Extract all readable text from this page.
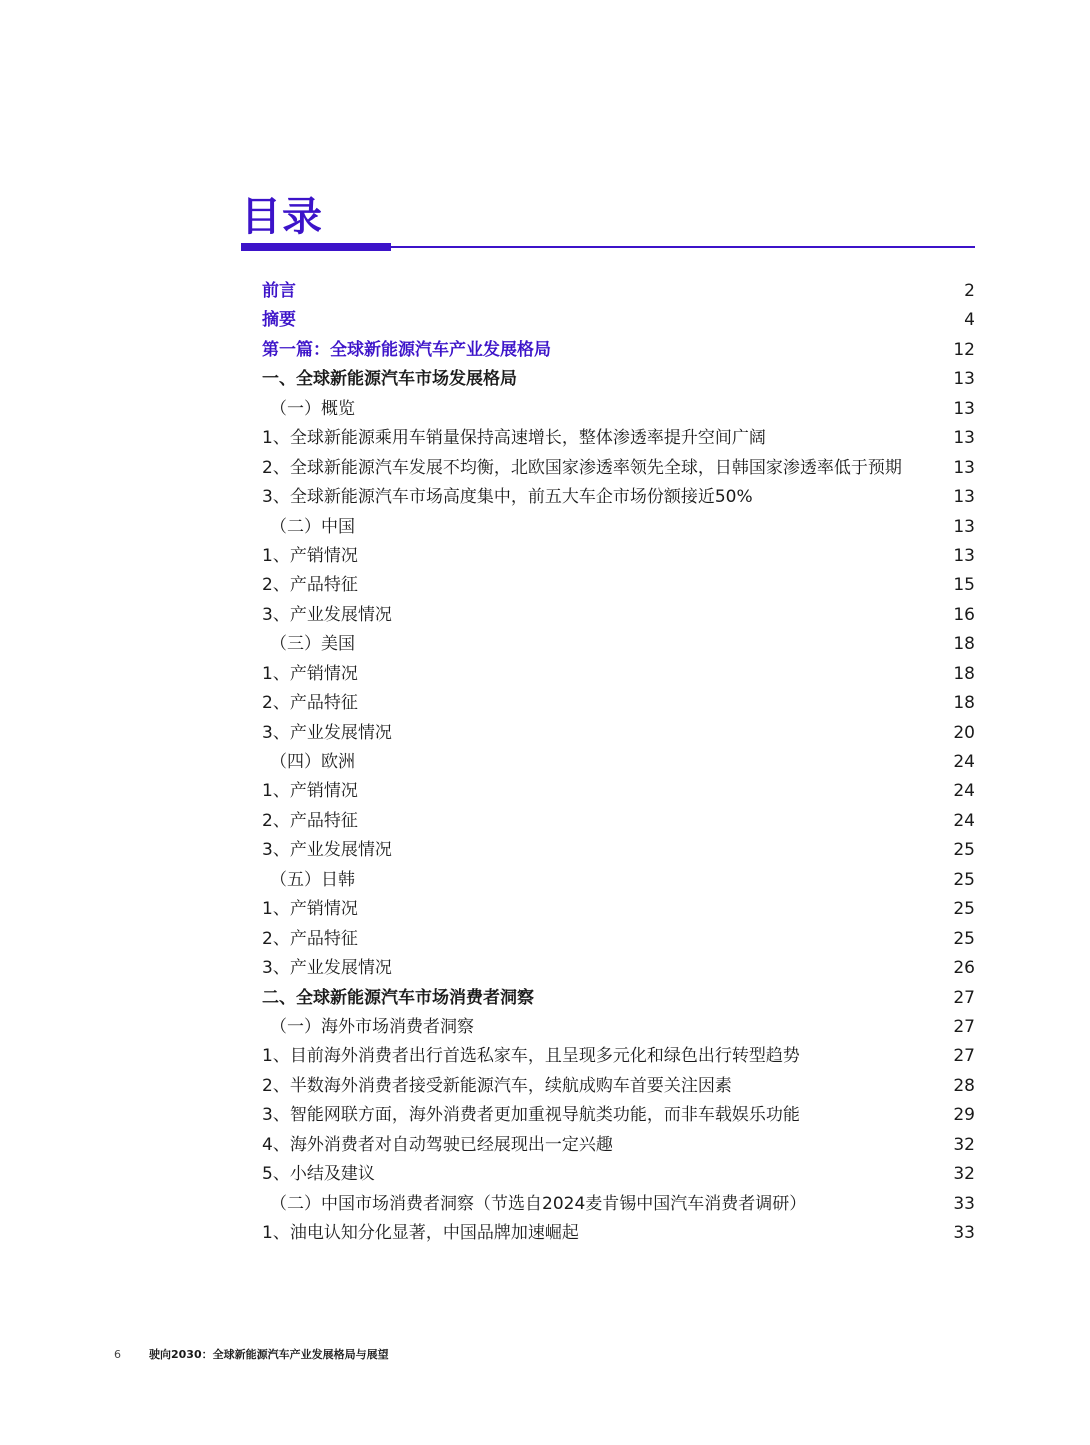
目录
前言	2
摘要	4
第一篇：全球新能源汽车产业发展格局	12
一、全球新能源汽车市场发展格局	13
（一）概览	13
1、全球新能源乘用车销量保持高速增长，整体渗透率提升空间广阔	13
2、全球新能源汽车发展不均衡，北欧国家渗透率领先全球，日韩国家渗透率低于预期	13
3、全球新能源汽车市场高度集中，前五大车企市场份额接近50%	13
（二）中国	13
1、产销情况	13
2、产品特征	15
3、产业发展情况	16
（三）美国	18
1、产销情况	18
2、产品特征	18
3、产业发展情况	20
（四）欧洲	24
1、产销情况	24
2、产品特征	24
3、产业发展情况	25
（五）日韩	25
1、产销情况	25
2、产品特征	25
3、产业发展情况	26
二、全球新能源汽车市场消费者洞察	27
（一）海外市场消费者洞察	27
1、目前海外消费者出行首选私家车，且呈现多元化和绿色出行转型趋势	27
2、半数海外消费者接受新能源汽车，续航成购车首要关注因素	28
3、智能网联方面，海外消费者更加重视导航类功能，而非车载娱乐功能	29
4、海外消费者对自动驾驶已经展现出一定兴趣	32
5、小结及建议	32
（二）中国市场消费者洞察（节选自2024麦肯锡中国汽车消费者调研）	33
1、油电认知分化显著，中国品牌加速崛起	33
6	驶向2030：全球新能源汽车产业发展格局与展望
